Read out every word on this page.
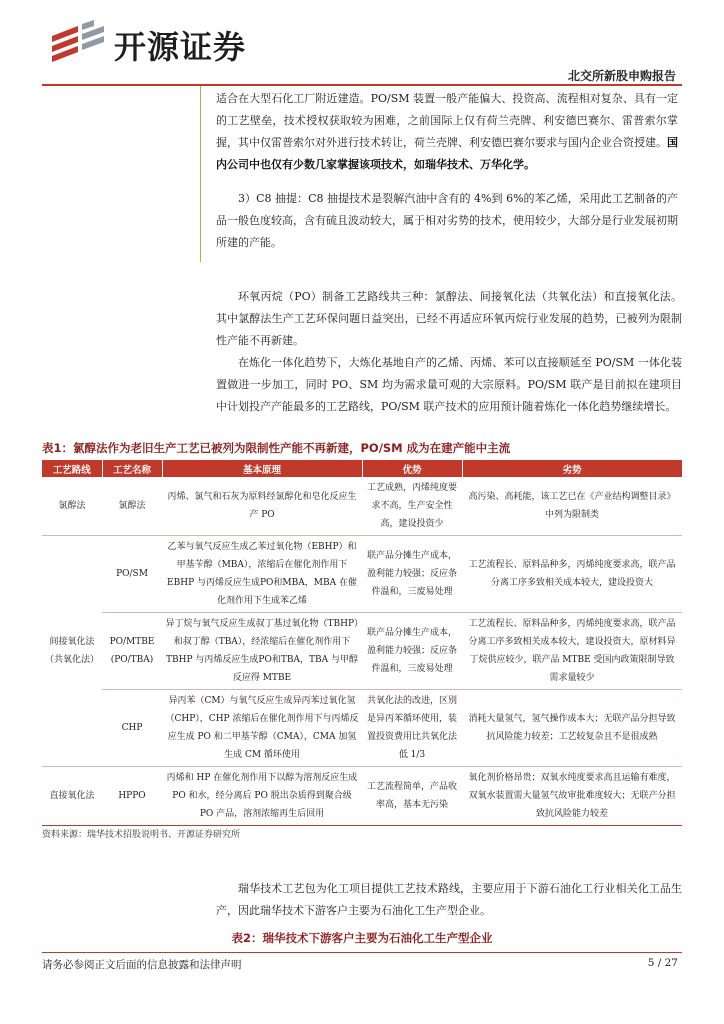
开源证券
北交所新股申购报告

适合在大型石化工厂附近建造。PO/SM 装置一般产能偏大、投资高、流程相对复杂、具有一定的工艺壁垒，技术授权获取较为困难，之前国际上仅有荷兰壳牌、利安德巴赛尔、雷普索尔掌握，其中仅雷普索尔对外进行技术转让，荷兰壳牌、利安德巴赛尔要求与国内企业合资授建。国内公司中也仅有少数几家掌握该项技术，如瑞华技术、万华化学。

3）C8 抽提：C8 抽提技术是裂解汽油中含有的 4%到 6%的苯乙烯，采用此工艺制备的产品一般色度较高，含有硫且波动较大，属于相对劣势的技术，使用较少，大部分是行业发展初期所建的产能。

环氧丙烷（PO）制备工艺路线共三种：氯醇法、间接氧化法（共氧化法）和直接氧化法。其中氯醇法生产工艺环保问题日益突出，已经不再适应环氧丙烷行业发展的趋势，已被列为限制性产能不再新建。

在炼化一体化趋势下，大炼化基地自产的乙烯、丙烯、苯可以直接顺延至 PO/SM 一体化装置做进一步加工，同时 PO、SM 均为需求量可观的大宗原料。PO/SM 联产是目前拟在建项目中计划投产产能最多的工艺路线，PO/SM 联产技术的应用预计随着炼化一体化趋势继续增长。

表1：氯醇法作为老旧生产工艺已被列为限制性产能不再新建，PO/SM 成为在建产能中主流
工艺路线	工艺名称	基本原理	优势	劣势
氯醇法	氯醇法	丙烯、氯气和石灰为原料经氯醇化和皂化反应生产 PO	工艺成熟，丙烯纯度要求不高，生产安全性高，建设投资少	高污染、高耗能，该工艺已在《产业结构调整目录》中列为限制类
间接氧化法（共氧化法）	PO/SM	乙苯与氧气反应生成乙苯过氧化物（EBHP）和甲基苄醇（MBA），浓缩后在催化剂作用下 EBHP 与丙烯反应生成PO和MBA，MBA 在催化剂作用下生成苯乙烯	联产品分摊生产成本，盈利能力较强；反应条件温和，三废易处理	工艺流程长、原料品种多，丙烯纯度要求高，联产品分离工序多致相关成本较大，建设投资大
	PO/MTBE (PO/TBA)	异丁烷与氧气反应生成叔丁基过氧化物（TBHP）和叔丁醇（TBA），经浓缩后在催化剂作用下 TBHP 与丙烯反应生成PO和TBA，TBA 与甲醇反应得 MTBE	联产品分摊生产成本，盈利能力较强；反应条件温和，三废易处理	工艺流程长、原料品种多，丙烯纯度要求高，联产品分离工序多致相关成本较大，建设投资大，原材料异丁烷供应较少，联产品 MTBE 受国内政策限制导致需求量较少
	CHP	异丙苯（CM）与氧气反应生成异丙苯过氧化氢（CHP），CHP 浓缩后在催化剂作用下与丙烯反应生成 PO 和二甲基苄醇（CMA），CMA 加氢生成 CM 循环使用	共氧化法的改进，区别是异丙苯循环使用，装置投资费用比共氧化法低 1/3	消耗大量氢气，氢气操作成本大；无联产品分担导致抗风险能力较差；工艺较复杂且不是很成熟
直接氧化法	HPPO	丙烯和 HP 在催化剂作用下以醇为溶剂反应生成 PO 和水，经分离后 PO 脱出杂质得到聚合级 PO 产品，溶剂浓缩再生后回用	工艺流程简单，产品收率高，基本无污染	氧化剂价格昂贵；双氧水纯度要求高且运输有难度，双氧水装置需大量氢气故审批难度较大；无联产分担致抗风险能力较差
资料来源：瑞华技术招股说明书、开源证券研究所

瑞华技术工艺包为化工项目提供工艺技术路线，主要应用于下游石油化工行业相关化工品生产，因此瑞华技术下游客户主要为石油化工生产型企业。

表2：瑞华技术下游客户主要为石油化工生产型企业
请务必参阅正文后面的信息披露和法律声明	5 / 27
